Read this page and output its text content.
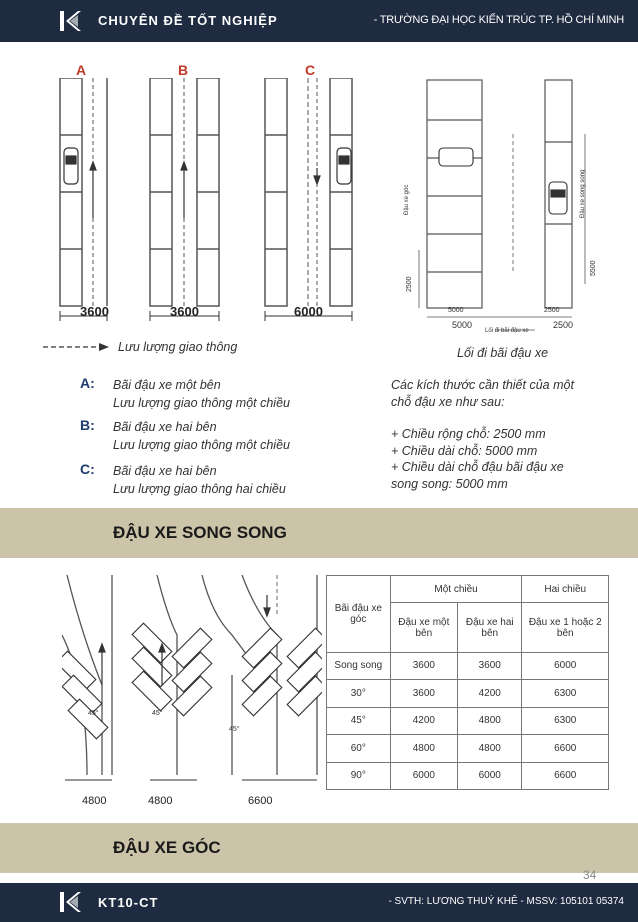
CHUYÊN ĐỀ TỐT NGHIỆP	- TRƯỜNG ĐẠI HỌC KIẾN TRÚC TP. HỒ CHÍ MINH
A	B	C
3600	3600	6000	5000	2500
5000	2500
Lối đi bãi đậu xe
2500
5500
Đậu xe góc	Đậu xe song song
Lưu lượng giao thông	Lối đi bãi đậu xe
A: Bãi đậu xe một bên
Lưu lượng giao thông một chiều
B: Bãi đậu xe hai bên
Lưu lượng giao thông một chiều
C: Bãi đậu xe hai bên
Lưu lượng giao thông hai chiều
Các kích thước cần thiết của một
chỗ đậu xe như sau:
+ Chiều rộng chỗ: 2500 mm
+ Chiều dài chỗ: 5000 mm
+ Chiều dài chỗ đậu bãi đậu xe
song song: 5000 mm
ĐẬU XE SONG SONG
45°	45°
45°
4800	4800	6600
Bãi đậu xe góc	Một chiều		Hai chiều
	Đậu xe một bên	Đậu xe hai bên	Đậu xe 1 hoặc 2 bên
Song song	3600	3600	6000
30°	3600	4200	6300
45°	4200	4800	6300
60°	4800	4800	6600
90°	6000	6000	6600
ĐẬU XE GÓC
34
KT10-CT	- SVTH: LƯƠNG THUÝ KHÊ - MSSV: 105101 05374
